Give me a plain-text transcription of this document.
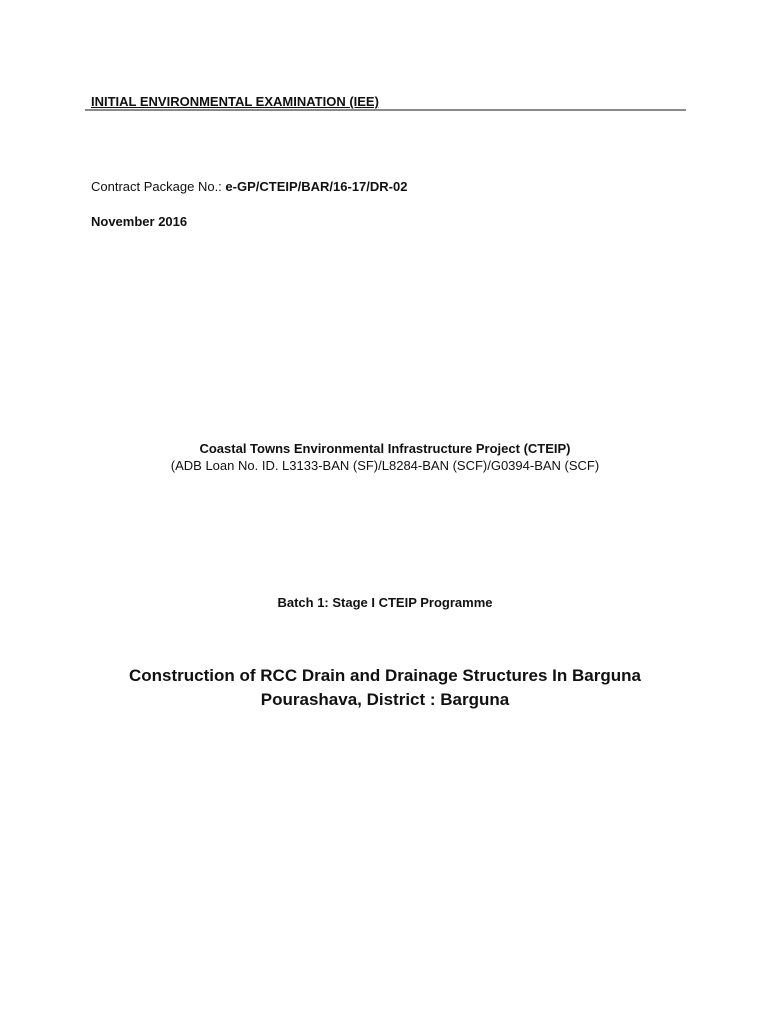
INITIAL ENVIRONMENTAL EXAMINATION (IEE)
Contract Package No.: e-GP/CTEIP/BAR/16-17/DR-02
November 2016
Coastal Towns Environmental Infrastructure Project (CTEIP)
(ADB Loan No. ID. L3133-BAN (SF)/L8284-BAN (SCF)/G0394-BAN (SCF)
Batch 1: Stage I CTEIP Programme
Construction of RCC Drain and Drainage Structures In Barguna
Pourashava, District : Barguna
